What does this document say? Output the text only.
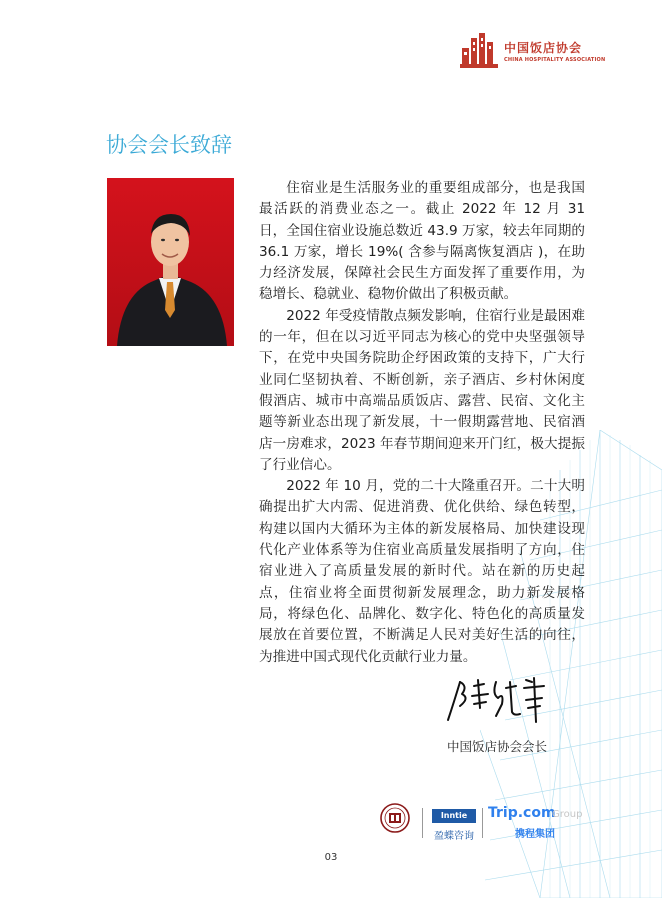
中国饭店协会
CHINA HOSPITALITY ASSOCIATION
协会会长致辞

住宿业是生活服务业的重要组成部分，也是我国最活跃的消费业态之一。截止 2022 年 12 月 31 日，全国住宿业设施总数近 43.9 万家，较去年同期的 36.1 万家，增长 19%( 含参与隔离恢复酒店 )，在助力经济发展，保障社会民生方面发挥了重要作用，为稳增长、稳就业、稳物价做出了积极贡献。

2022 年受疫情散点频发影响，住宿行业是最困难的一年，但在以习近平同志为核心的党中央坚强领导下，在党中央国务院助企纾困政策的支持下，广大行业同仁坚韧执着、不断创新，亲子酒店、乡村休闲度假酒店、城市中高端品质饭店、露营、民宿、文化主题等新业态出现了新发展，十一假期露营地、民宿酒店一房难求，2023 年春节期间迎来开门红，极大提振了行业信心。

2022 年 10 月，党的二十大隆重召开。二十大明确提出扩大内需、促进消费、优化供给、绿色转型，构建以国内大循环为主体的新发展格局、加快建设现代化产业体系等为住宿业高质量发展指明了方向，住宿业进入了高质量发展的新时代。站在新的历史起点，住宿业将全面贯彻新发展理念，助力新发展格局，将绿色化、品牌化、数字化、特色化的高质量发展放在首要位置，不断满足人民对美好生活的向往，为推进中国式现代化贡献行业力量。

中国饭店协会会长
Inntie
盈蝶咨询
Trip.com
Group
携程集团
03
